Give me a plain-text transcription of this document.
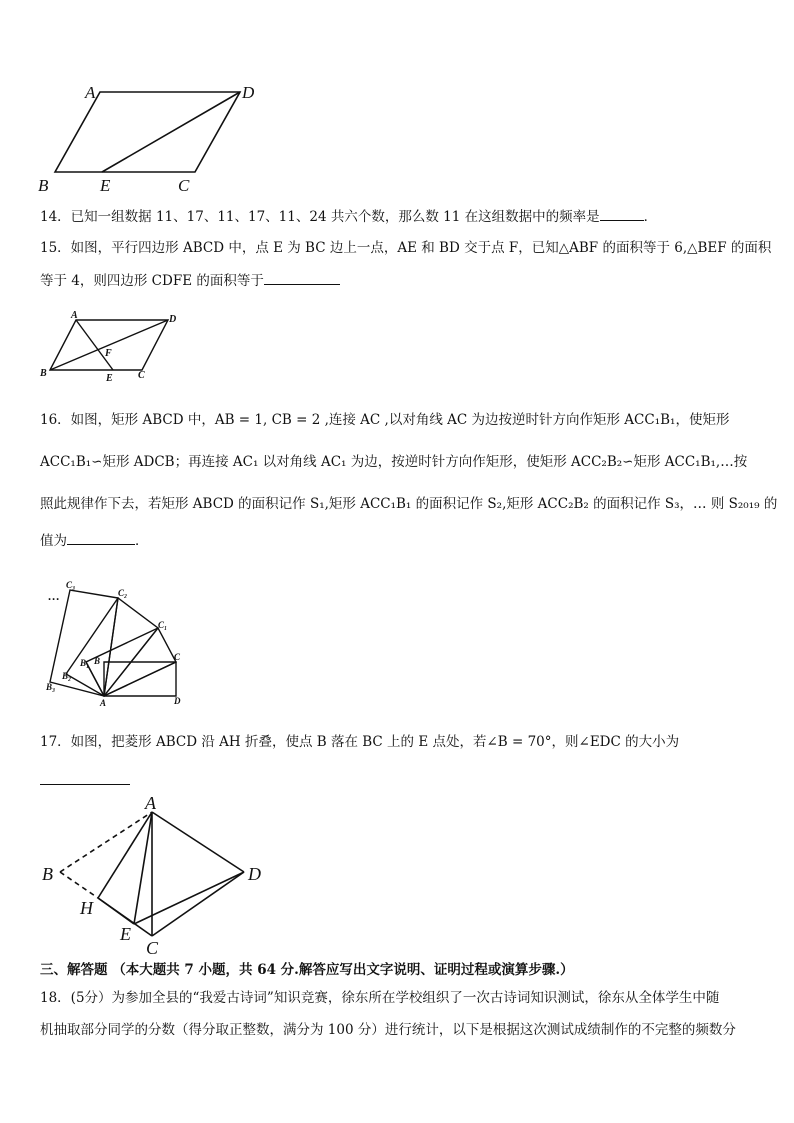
A	D
B	E	C
14．已知一组数据 11、17、11、17、11、24 共六个数，那么数 11 在这组数据中的频率是	．
15．如图，平行四边形 ABCD 中，点 E 为 BC 边上一点，AE 和 BD 交于点 F，已知△ABF 的面积等于 6,△BEF 的面积
等于 4，则四边形 CDFE 的面积等于
A	D
B	E	C
F
16．如图，矩形 ABCD 中，AB = 1, CB = 2 ,连接 AC ,以对角线 AC 为边按逆时针方向作矩形 ACC₁B₁，使矩形
ACC₁B₁∽矩形 ADCB；再连接 AC₁ 以对角线 AC₁ 为边，按逆时针方向作矩形，使矩形 ACC₂B₂∽矩形 ACC₁B₁,…按
照此规律作下去，若矩形 ABCD 的面积记作 S₁,矩形 ACC₁B₁ 的面积记作 S₂,矩形 ACC₂B₂ 的面积记作 S₃，… 则 S₂₀₁₉ 的
值为	．
…
C₃
C₂
C₁
C
B
B₁
B₂
B₃
A	D
17．如图，把菱形 ABCD 沿 AH 折叠，使点 B 落在 BC 上的 E 点处，若∠B = 70°，则∠EDC 的大小为
A
B	D
H
E
C
三、解答题 （本大题共 7 小题，共 64 分.解答应写出文字说明、证明过程或演算步骤.）
18．(5分）为参加全县的“我爱古诗词”知识竞赛，徐东所在学校组织了一次古诗词知识测试，徐东从全体学生中随
机抽取部分同学的分数（得分取正整数，满分为 100 分）进行统计，以下是根据这次测试成绩制作的不完整的频数分
